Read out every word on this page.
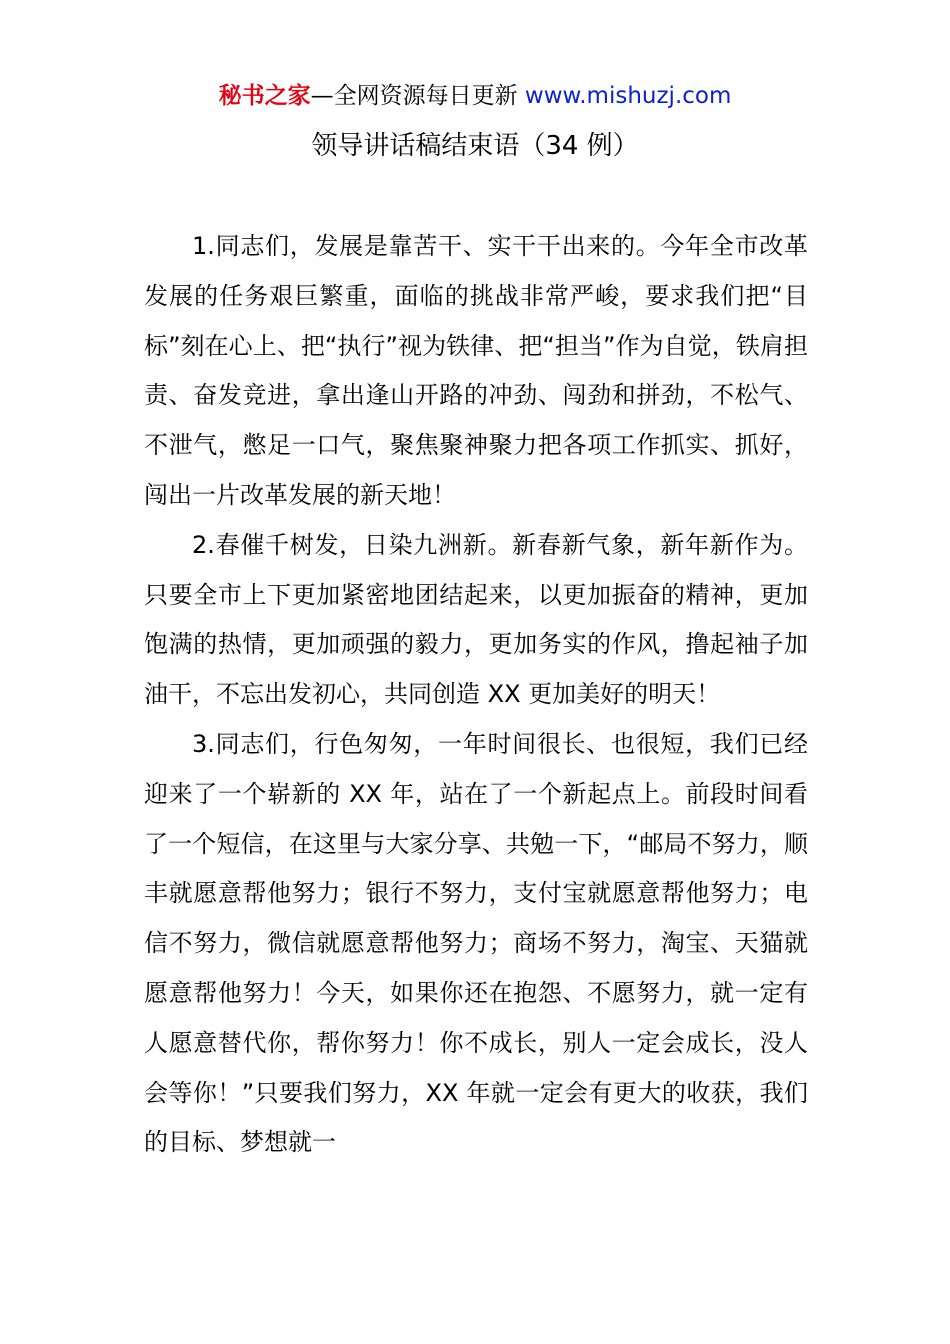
秘书之家—全网资源每日更新 www.mishuzj.com
领导讲话稿结束语（34 例）

1.同志们，发展是靠苦干、实干干出来的。今年全市改革发展的任务艰巨繁重，面临的挑战非常严峻，要求我们把“目标”刻在心上、把“执行”视为铁律、把“担当”作为自觉，铁肩担责、奋发竞进，拿出逢山开路的冲劲、闯劲和拼劲，不松气、不泄气，憋足一口气，聚焦聚神聚力把各项工作抓实、抓好，闯出一片改革发展的新天地！

2.春催千树发，日染九洲新。新春新气象，新年新作为。只要全市上下更加紧密地团结起来，以更加振奋的精神，更加饱满的热情，更加顽强的毅力，更加务实的作风，撸起袖子加油干，不忘出发初心，共同创造 XX 更加美好的明天！

3.同志们，行色匆匆，一年时间很长、也很短，我们已经迎来了一个崭新的 XX 年，站在了一个新起点上。前段时间看了一个短信，在这里与大家分享、共勉一下，“邮局不努力，顺丰就愿意帮他努力；银行不努力，支付宝就愿意帮他努力；电信不努力，微信就愿意帮他努力；商场不努力，淘宝、天猫就愿意帮他努力！今天，如果你还在抱怨、不愿努力，就一定有人愿意替代你，帮你努力！你不成长，别人一定会成长，没人会等你！”只要我们努力，XX 年就一定会有更大的收获，我们的目标、梦想就一
